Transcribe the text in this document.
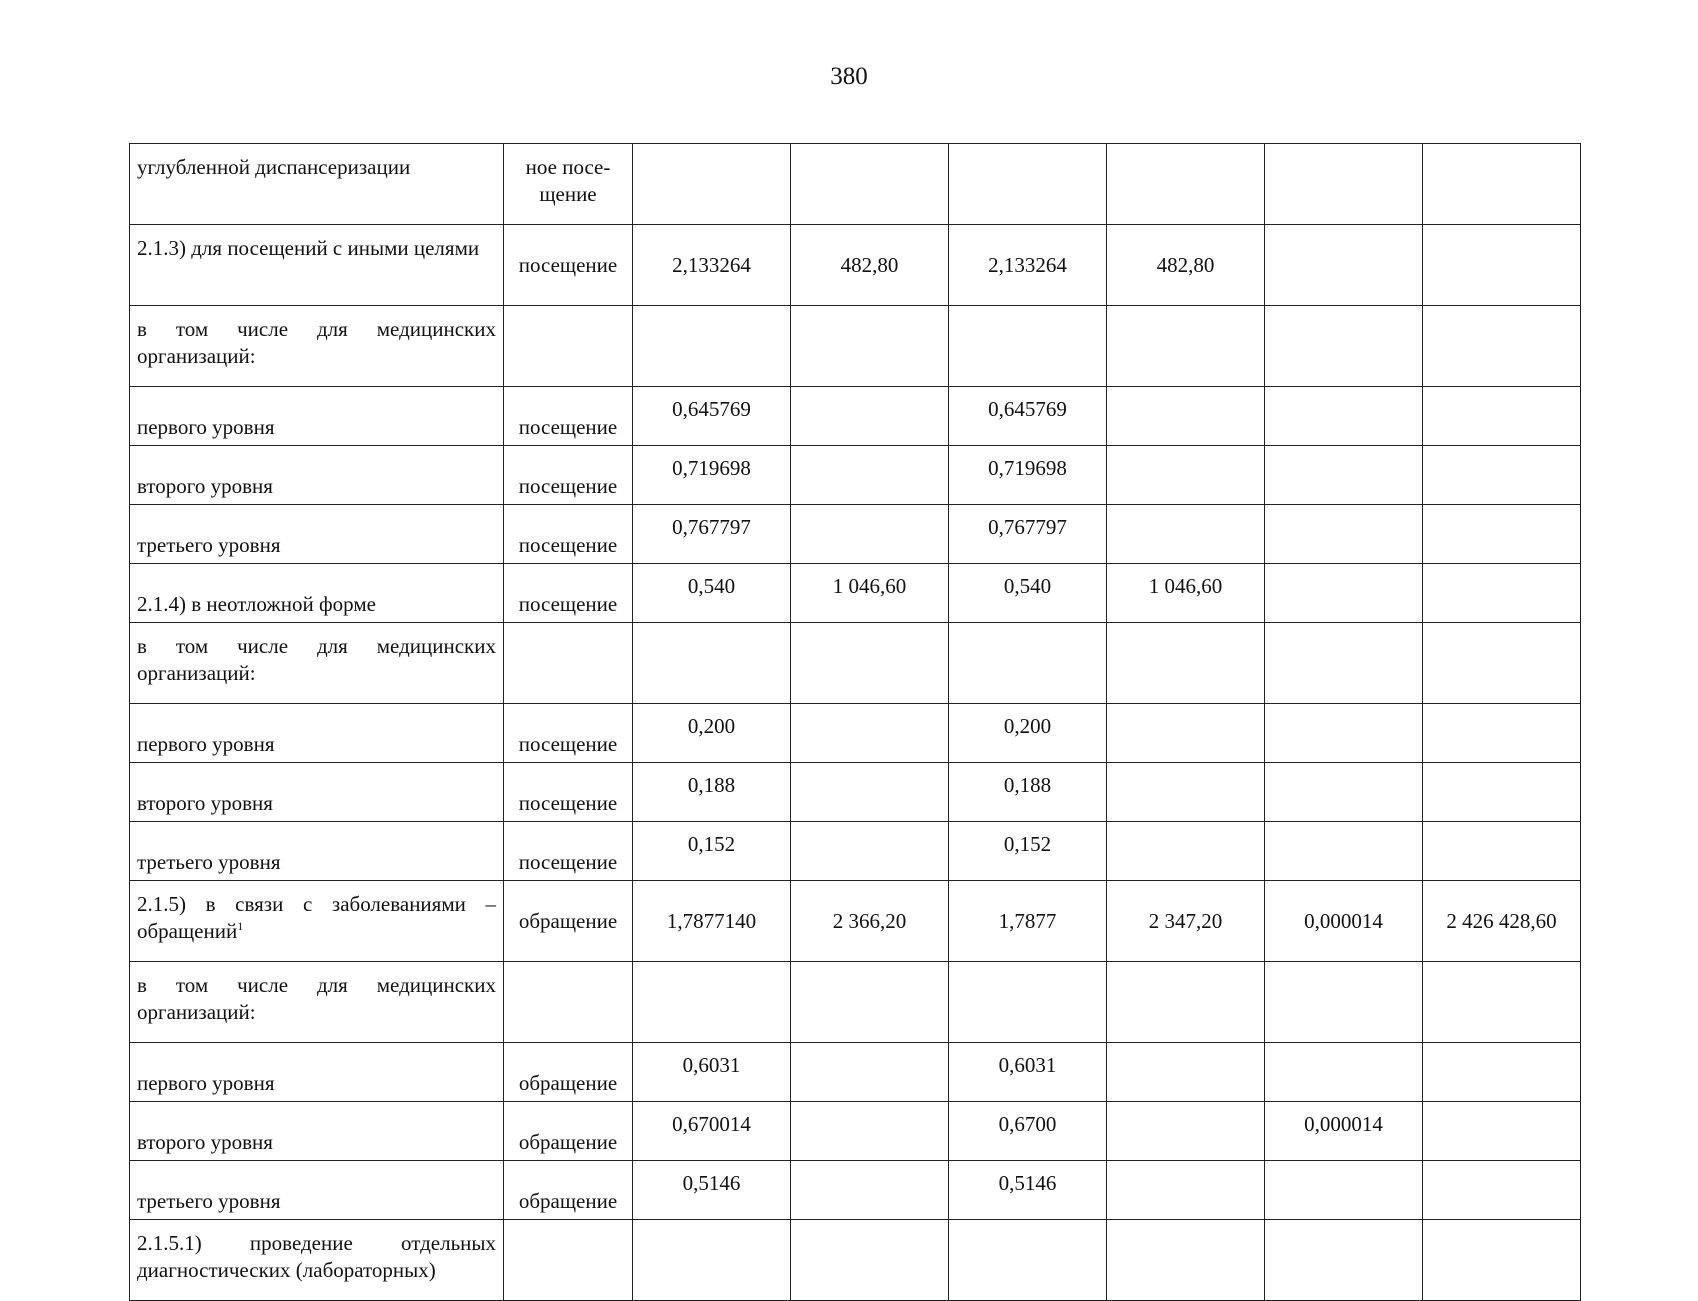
380
углубленной диспансеризации	ное посе-щение						
2.1.3) для посещений с иными целями	посещение	2,133264	482,80	2,133264	482,80		
в том числе для медицинских организаций:							
первого уровня	посещение	0,645769		0,645769			
второго уровня	посещение	0,719698		0,719698			
третьего уровня	посещение	0,767797		0,767797			
2.1.4) в неотложной форме	посещение	0,540	1 046,60	0,540	1 046,60		
в том числе для медицинских организаций:							
первого уровня	посещение	0,200		0,200			
второго уровня	посещение	0,188		0,188			
третьего уровня	посещение	0,152		0,152			
2.1.5) в связи с заболеваниями – обращений$^1$	обращение	1,7877140	2 366,20	1,7877	2 347,20	0,000014	2 426 428,60
в том числе для медицинских организаций:							
первого уровня	обращение	0,6031		0,6031			
второго уровня	обращение	0,670014		0,6700		0,000014	
третьего уровня	обращение	0,5146		0,5146			
2.1.5.1) проведение отдельных диагностических (лабораторных)							
